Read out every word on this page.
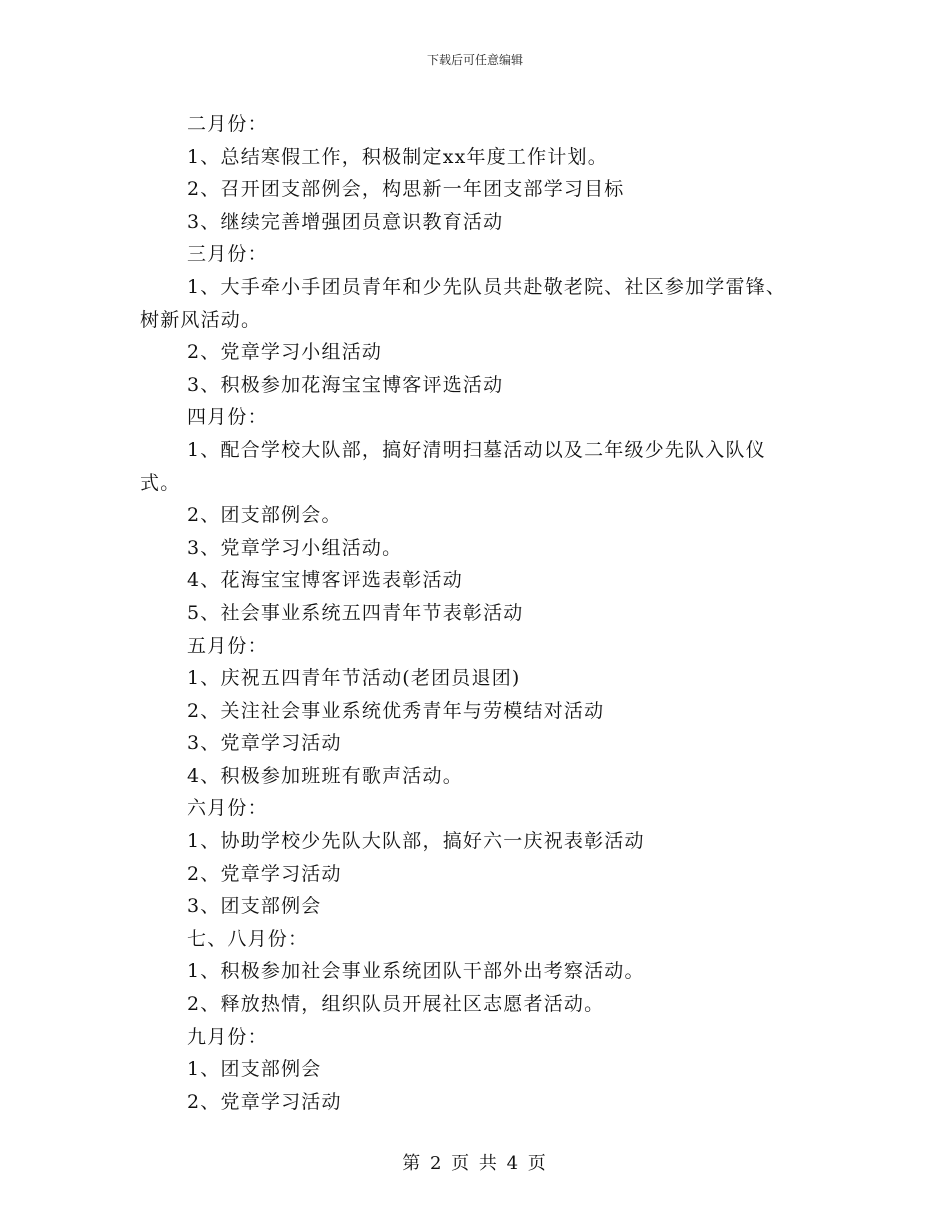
下载后可任意编辑
二月份：
1、总结寒假工作，积极制定xx年度工作计划。
2、召开团支部例会，构思新一年团支部学习目标
3、继续完善增强团员意识教育活动
三月份：
1、大手牵小手团员青年和少先队员共赴敬老院、社区参加学雷锋、
树新风活动。
2、党章学习小组活动
3、积极参加花海宝宝博客评选活动
四月份：
1、配合学校大队部，搞好清明扫墓活动以及二年级少先队入队仪
式。
2、团支部例会。
3、党章学习小组活动。
4、花海宝宝博客评选表彰活动
5、社会事业系统五四青年节表彰活动
五月份：
1、庆祝五四青年节活动(老团员退团)
2、关注社会事业系统优秀青年与劳模结对活动
3、党章学习活动
4、积极参加班班有歌声活动。
六月份：
1、协助学校少先队大队部，搞好六一庆祝表彰活动
2、党章学习活动
3、团支部例会
七、八月份：
1、积极参加社会事业系统团队干部外出考察活动。
2、释放热情，组织队员开展社区志愿者活动。
九月份：
1、团支部例会
2、党章学习活动
第 2 页 共 4 页
